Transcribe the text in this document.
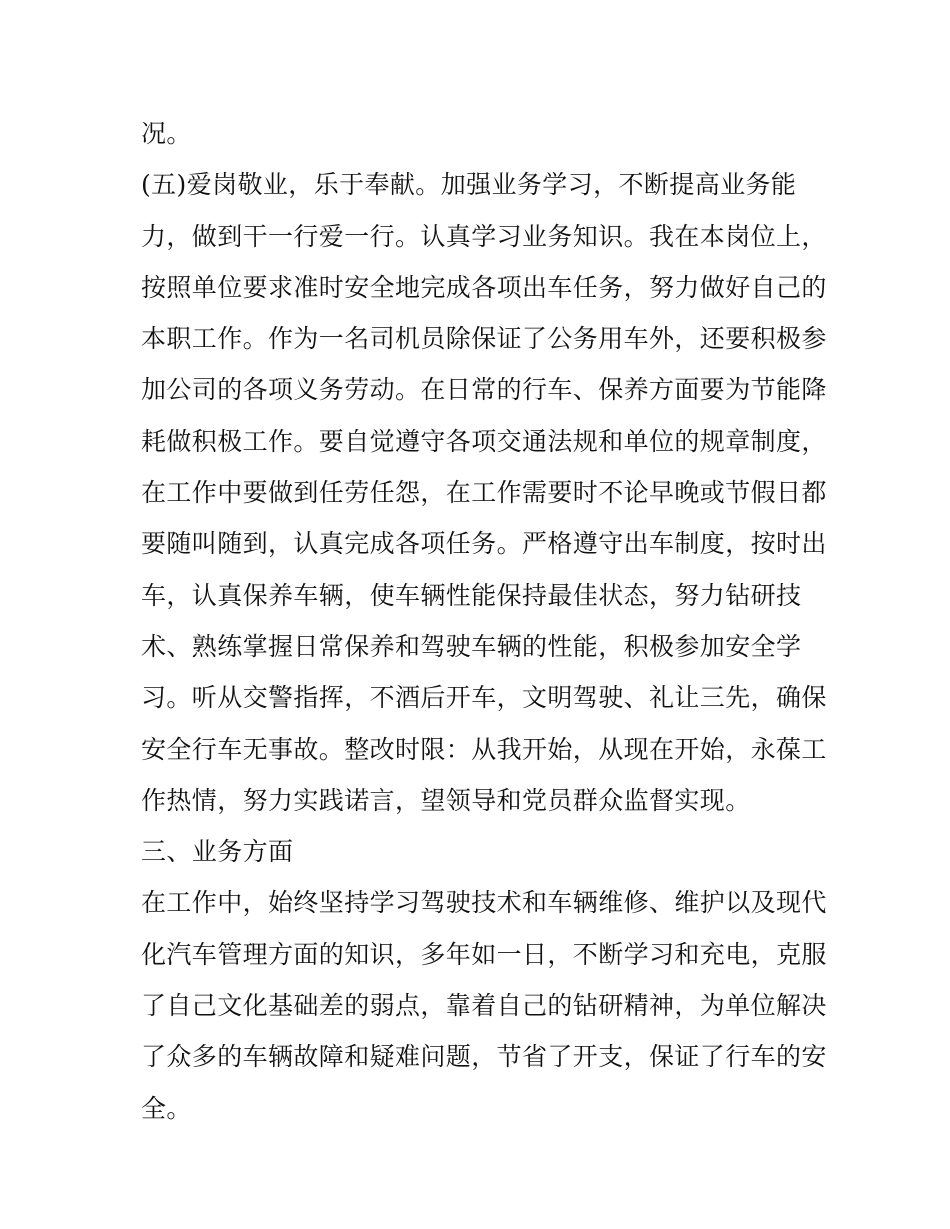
况。
(五)爱岗敬业，乐于奉献。加强业务学习，不断提高业务能
力，做到干一行爱一行。认真学习业务知识。我在本岗位上，
按照单位要求准时安全地完成各项出车任务，努力做好自己的
本职工作。作为一名司机员除保证了公务用车外，还要积极参
加公司的各项义务劳动。在日常的行车、保养方面要为节能降
耗做积极工作。要自觉遵守各项交通法规和单位的规章制度，
在工作中要做到任劳任怨，在工作需要时不论早晚或节假日都
要随叫随到，认真完成各项任务。严格遵守出车制度，按时出
车，认真保养车辆，使车辆性能保持最佳状态，努力钻研技
术、熟练掌握日常保养和驾驶车辆的性能，积极参加安全学
习。听从交警指挥，不酒后开车，文明驾驶、礼让三先，确保
安全行车无事故。整改时限：从我开始，从现在开始，永葆工
作热情，努力实践诺言，望领导和党员群众监督实现。
三、业务方面
在工作中，始终坚持学习驾驶技术和车辆维修、维护以及现代
化汽车管理方面的知识，多年如一日，不断学习和充电，克服
了自己文化基础差的弱点，靠着自己的钻研精神，为单位解决
了众多的车辆故障和疑难问题，节省了开支，保证了行车的安
全。
